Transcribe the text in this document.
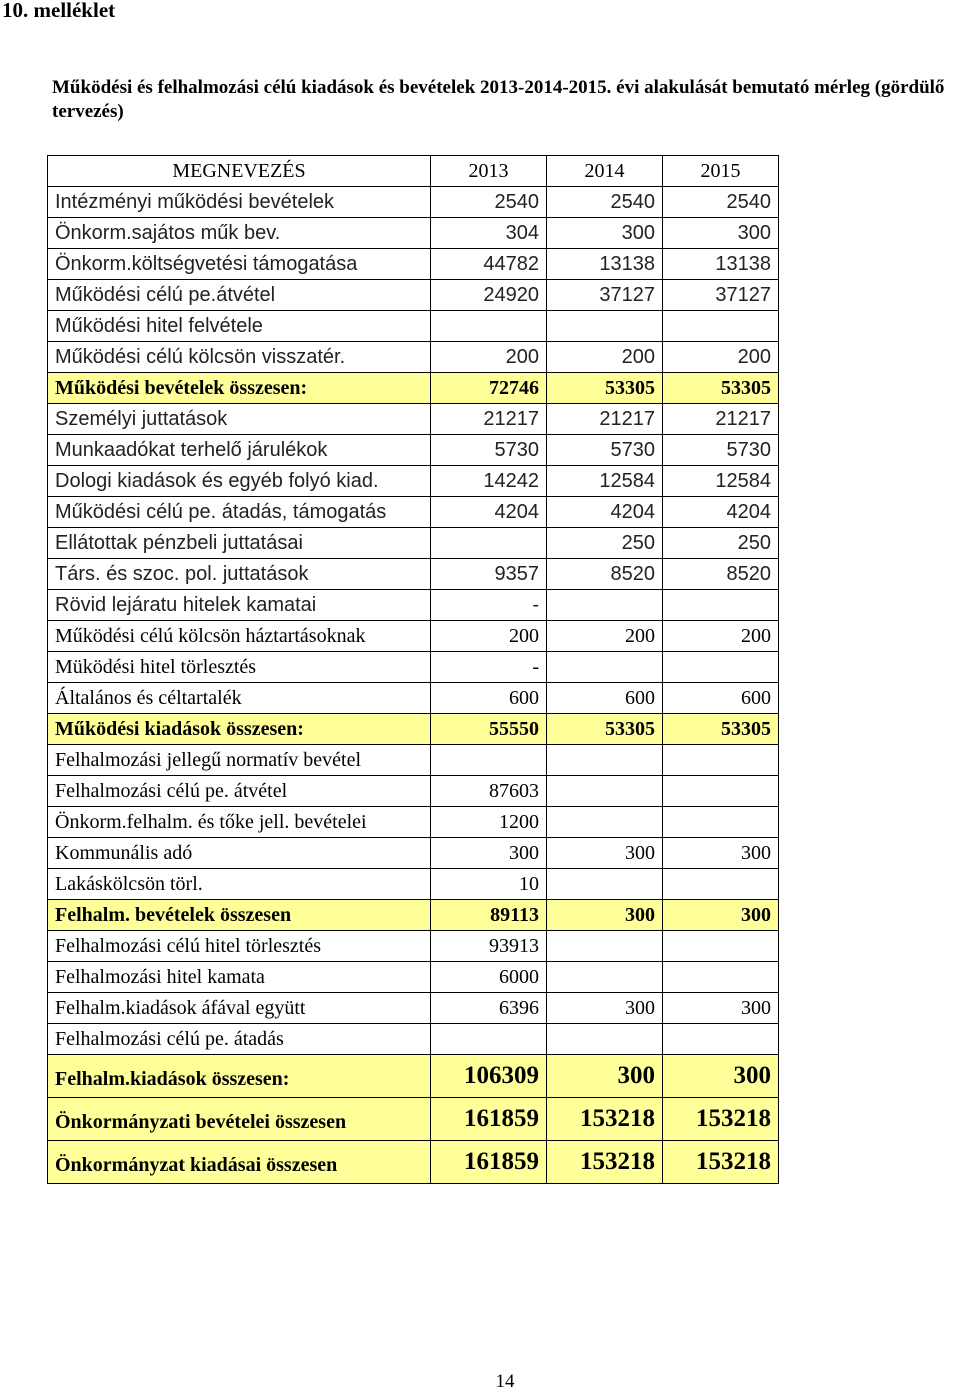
10. melléklet
Működési és felhalmozási célú kiadások és bevételek 2013-2014-2015. évi alakulását bemutató mérleg (gördülő tervezés)
MEGNEVEZÉS	2013	2014	2015
Intézményi működési bevételek	2540	2540	2540
Önkorm.sajátos műk bev.	304	300	300
Önkorm.költségvetési támogatása	44782	13138	13138
Működési célú pe.átvétel	24920	37127	37127
Működési hitel felvétele			
Működési célú kölcsön visszatér.	200	200	200
Működési bevételek összesen:	72746	53305	53305
Személyi juttatások	21217	21217	21217
Munkaadókat terhelő járulékok	5730	5730	5730
Dologi kiadások és egyéb folyó kiad.	14242	12584	12584
Működési célú pe. átadás, támogatás	4204	4204	4204
Ellátottak pénzbeli juttatásai		250	250
Társ. és szoc. pol. juttatások	9357	8520	8520
Rövid lejáratu hitelek kamatai	-		
Működési célú kölcsön háztartásoknak	200	200	200
Müködési hitel törlesztés	-		
Általános és céltartalék	600	600	600
Működési kiadások összesen:	55550	53305	53305
Felhalmozási jellegű normatív bevétel			
Felhalmozási célú pe. átvétel	87603		
Önkorm.felhalm. és tőke jell. bevételei	1200		
Kommunális adó	300	300	300
Lakáskölcsön törl.	10		
Felhalm. bevételek összesen	89113	300	300
Felhalmozási célú hitel törlesztés	93913		
Felhalmozási hitel kamata	6000		
Felhalm.kiadások áfával együtt	6396	300	300
Felhalmozási célú pe. átadás			
Felhalm.kiadások összesen:	106309	300	300
Önkormányzati bevételei összesen	161859	153218	153218
Önkormányzat kiadásai összesen	161859	153218	153218
14
